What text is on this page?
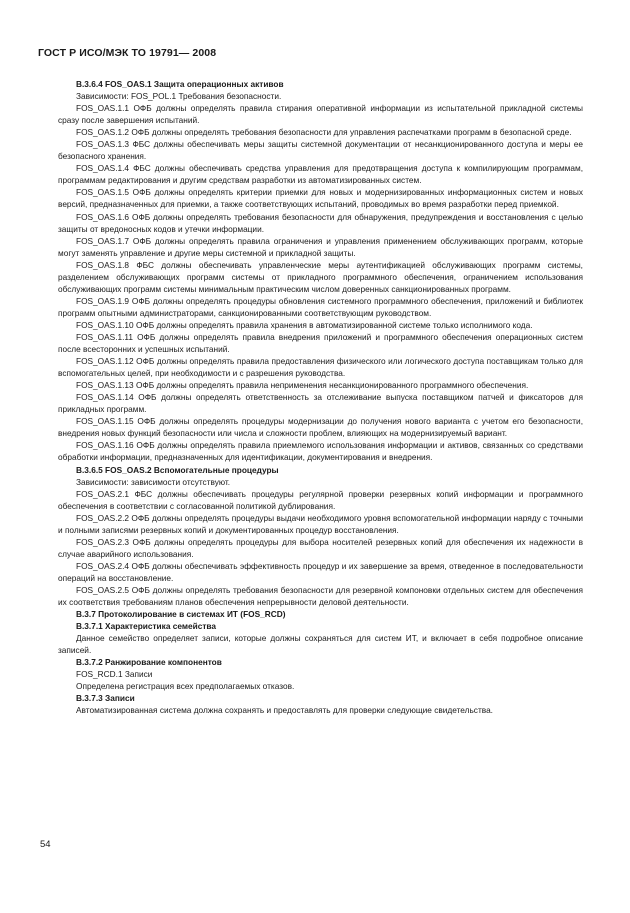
ГОСТ Р ИСО/МЭК ТО 19791— 2008

B.3.6.4 FOS_OAS.1 Защита операционных активов

Зависимости: FOS_POL.1 Требования безопасности.

FOS_OAS.1.1 ОФБ должны определять правила стирания оперативной информации из испытательной прикладной системы сразу после завершения испытаний.

FOS_OAS.1.2 ОФБ должны определять требования безопасности для управления распечатками программ в безопасной среде.

FOS_OAS.1.3 ФБС должны обеспечивать меры защиты системной документации от несанкционированного доступа и меры ее безопасного хранения.

FOS_OAS.1.4 ФБС должны обеспечивать средства управления для предотвращения доступа к компилирующим программам, программам редактирования и другим средствам разработки из автоматизированных систем.

FOS_OAS.1.5 ОФБ должны определять критерии приемки для новых и модернизированных информационных систем и новых версий, предназначенных для приемки, а также соответствующих испытаний, проводимых во время разработки перед приемкой.

FOS_OAS.1.6 ОФБ должны определять требования безопасности для обнаружения, предупреждения и восстановления с целью защиты от вредоносных кодов и утечки информации.

FOS_OAS.1.7 ОФБ должны определять правила ограничения и управления применением обслуживающих программ, которые могут заменять управление и другие меры системной и прикладной защиты.

FOS_OAS.1.8 ФБС должны обеспечивать управленческие меры аутентификацией обслуживающих программ системы, разделением обслуживающих программ системы от прикладного программного обеспечения, ограничением использования обслуживающих программ системы минимальным практическим числом доверенных санкционированных программ.

FOS_OAS.1.9 ОФБ должны определять процедуры обновления системного программного обеспечения, приложений и библиотек программ опытными администраторами, санкционированными соответствующим руководством.

FOS_OAS.1.10 ОФБ должны определять правила хранения в автоматизированной системе только исполнимого кода.

FOS_OAS.1.11 ОФБ должны определять правила внедрения приложений и программного обеспечения операционных систем после всесторонних и успешных испытаний.

FOS_OAS.1.12 ОФБ должны определять правила предоставления физического или логического доступа поставщикам только для вспомогательных целей, при необходимости и с разрешения руководства.

FOS_OAS.1.13 ОФБ должны определять правила неприменения несанкционированного программного обеспечения.

FOS_OAS.1.14 ОФБ должны определять ответственность за отслеживание выпуска поставщиком патчей и фиксаторов для прикладных программ.

FOS_OAS.1.15 ОФБ должны определять процедуры модернизации до получения нового варианта с учетом его безопасности, внедрения новых функций безопасности или числа и сложности проблем, влияющих на модернизируемый вариант.

FOS_OAS.1.16 ОФБ должны определять правила приемлемого использования информации и активов, связанных со средствами обработки информации, предназначенных для идентификации, документирования и внедрения.

B.3.6.5 FOS_OAS.2 Вспомогательные процедуры

Зависимости: зависимости отсутствуют.

FOS_OAS.2.1 ФБС должны обеспечивать процедуры регулярной проверки резервных копий информации и программного обеспечения в соответствии с согласованной политикой дублирования.

FOS_OAS.2.2 ОФБ должны определять процедуры выдачи необходимого уровня вспомогательной информации наряду с точными и полными записями резервных копий и документированных процедур восстановления.

FOS_OAS.2.3 ОФБ должны определять процедуры для выбора носителей резервных копий для обеспечения их надежности в случае аварийного использования.

FOS_OAS.2.4 ОФБ должны обеспечивать эффективность процедур и их завершение за время, отведенное в последовательности операций на восстановление.

FOS_OAS.2.5 ОФБ должны определять требования безопасности для резервной компоновки отдельных систем для обеспечения их соответствия требованиям планов обеспечения непрерывности деловой деятельности.

B.3.7 Протоколирование в системах ИТ (FOS_RCD)

B.3.7.1 Характеристика семейства

Данное семейство определяет записи, которые должны сохраняться для систем ИТ, и включает в себя подробное описание записей.

B.3.7.2 Ранжирование компонентов

FOS_RCD.1 Записи

Определена регистрация всех предполагаемых отказов.

B.3.7.3 Записи

Автоматизированная система должна сохранять и предоставлять для проверки следующие свидетельства.

54
